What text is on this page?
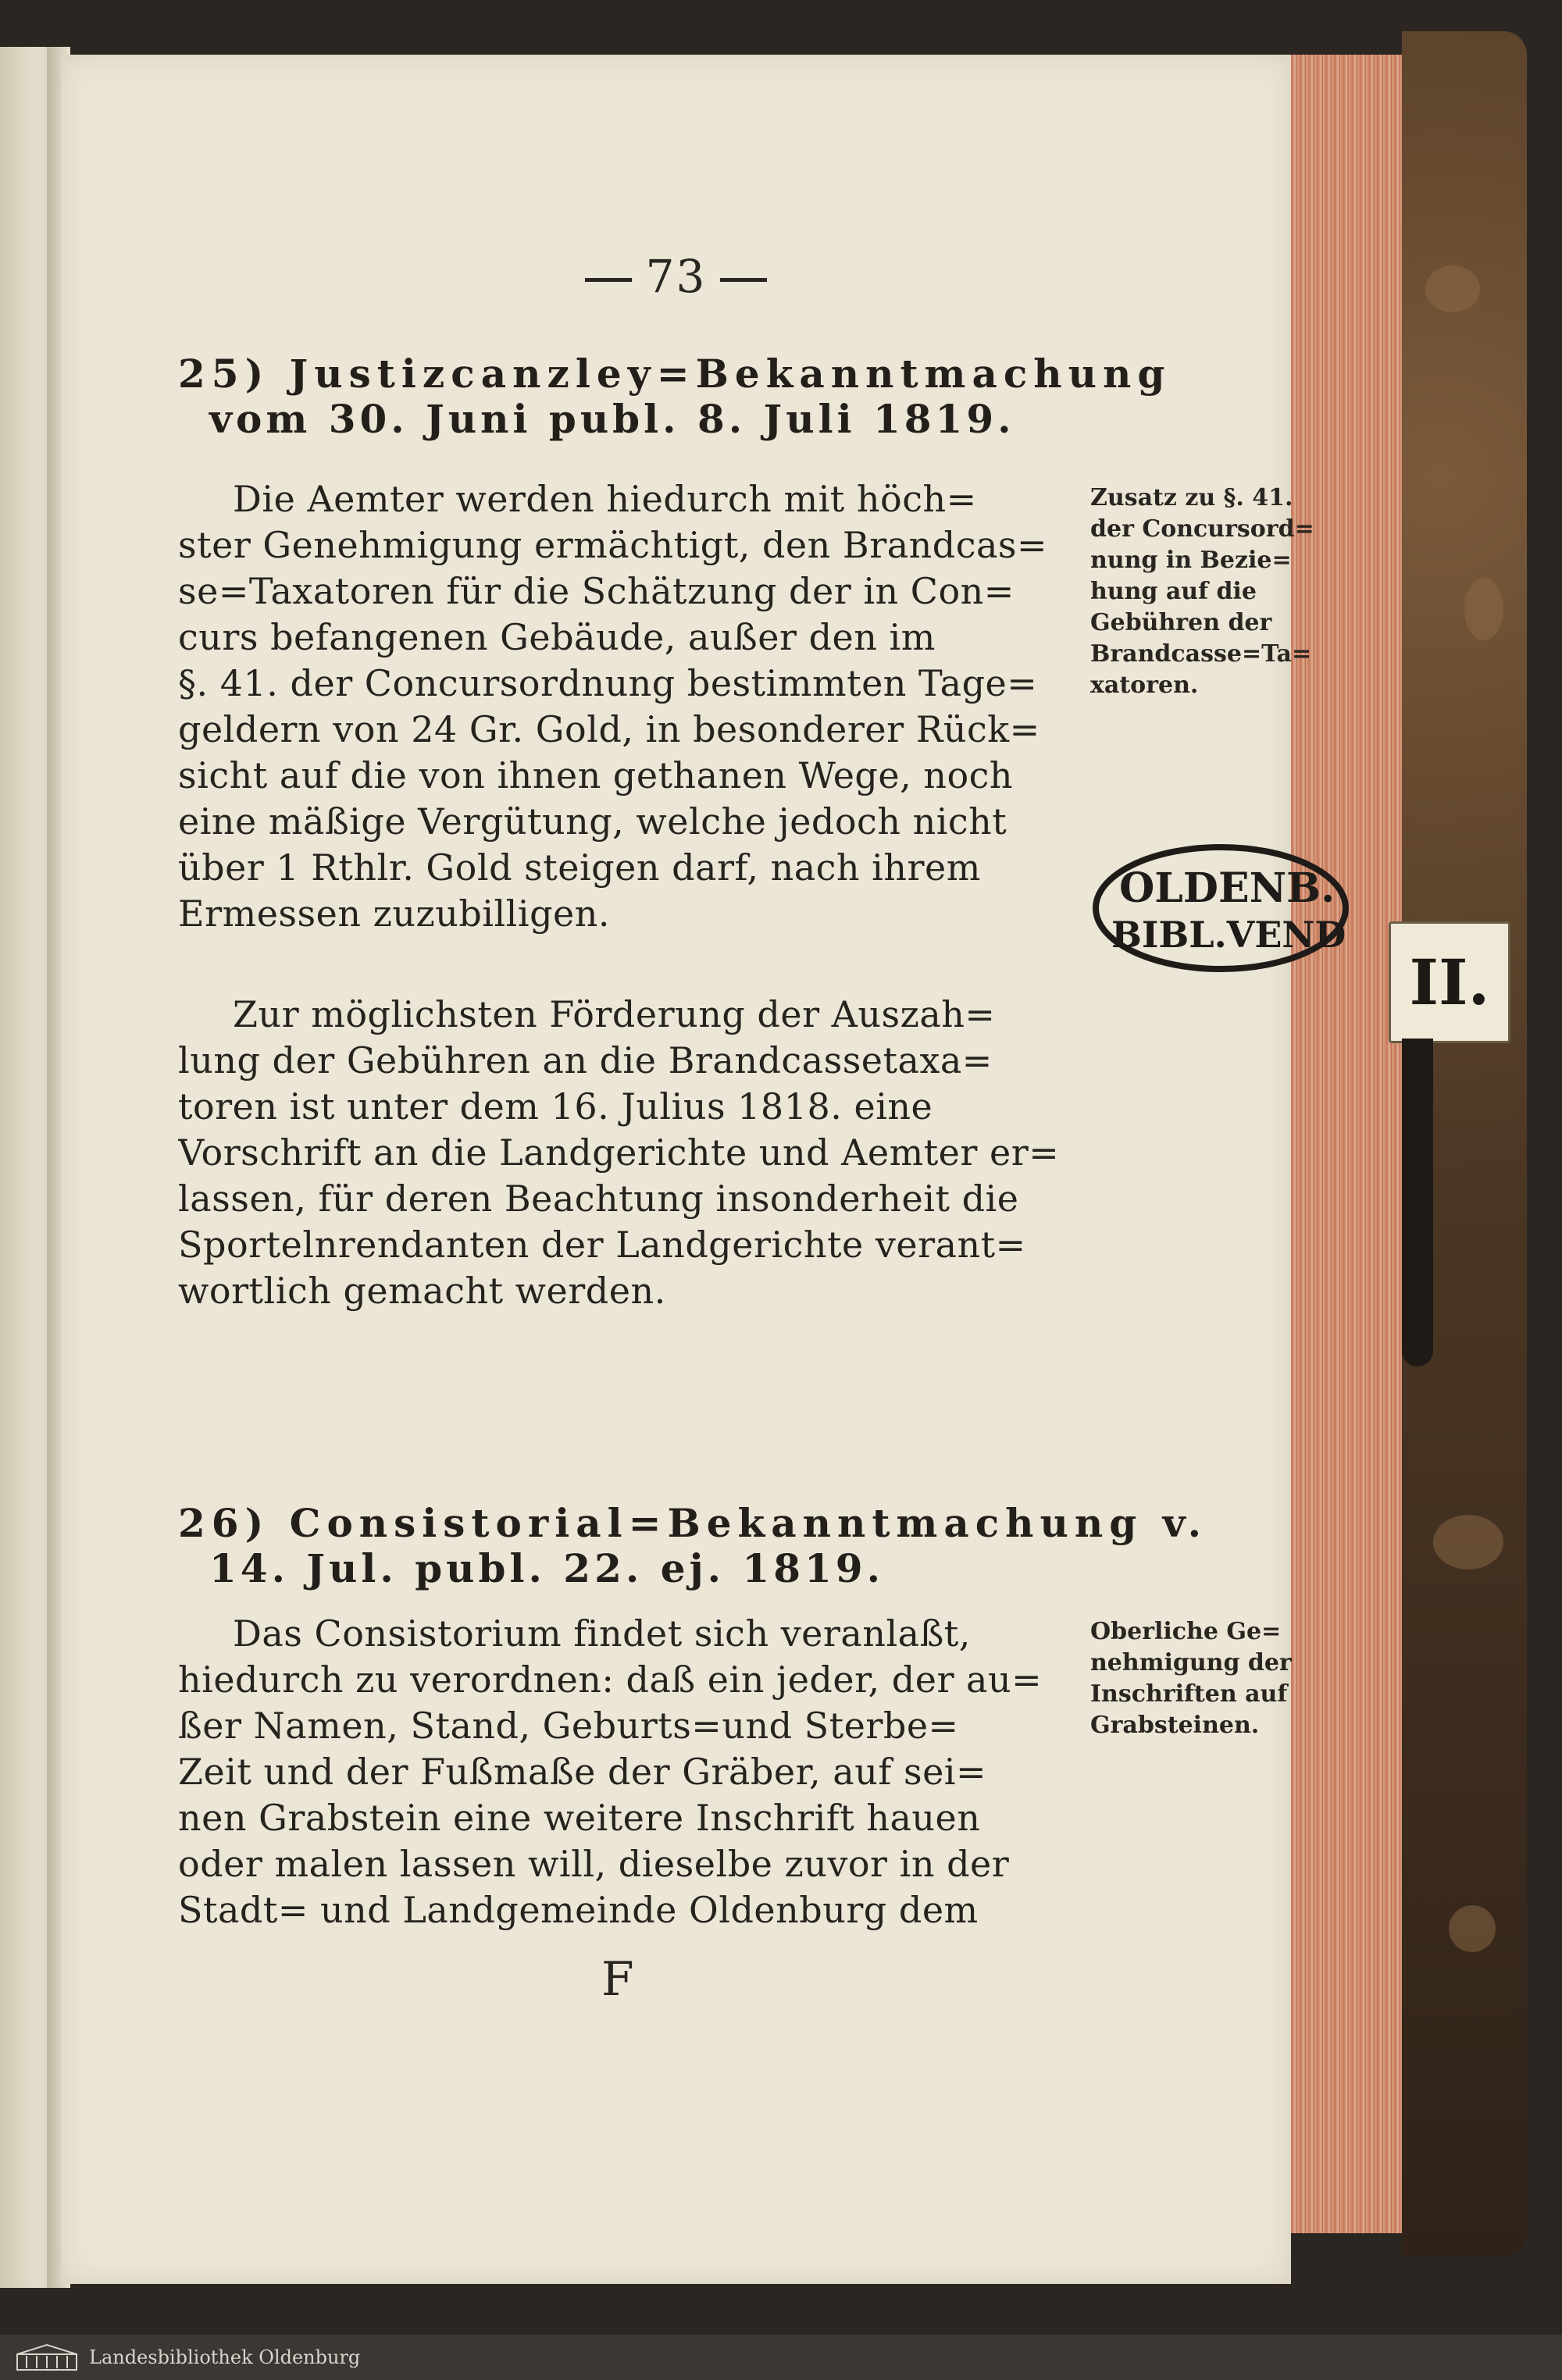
73
25) Justizcanzley=Bekanntmachung
vom 30. Juni publ. 8. Juli 1819.
Die Aemter werden hiedurch mit höch=
ster Genehmigung ermächtigt, den Brandcas=
se=Taxatoren für die Schätzung der in Con=
curs befangenen Gebäude, außer den im
§. 41. der Concursordnung bestimmten Tage=
geldern von 24 Gr. Gold, in besonderer Rück=
sicht auf die von ihnen gethanen Wege, noch
eine mäßige Vergütung, welche jedoch nicht
über 1 Rthlr. Gold steigen darf, nach ihrem
Ermessen zuzubilligen.
Zur möglichsten Förderung der Auszah=
lung der Gebühren an die Brandcassetaxa=
toren ist unter dem 16. Julius 1818. eine
Vorschrift an die Landgerichte und Aemter er=
lassen, für deren Beachtung insonderheit die
Sportelnrendanten der Landgerichte verant=
wortlich gemacht werden.
Zusatz zu §. 41.
der Concursord=
nung in Bezie=
hung auf die
Gebühren der
Brandcasse=Ta=
xatoren.
OLDENB.
BIBL.VEND
26) Consistorial=Bekanntmachung v.
14. Jul. publ. 22. ej. 1819.
Das Consistorium findet sich veranlaßt,
hiedurch zu verordnen: daß ein jeder, der au=
ßer Namen, Stand, Geburts=und Sterbe=
Zeit und der Fußmaße der Gräber, auf sei=
nen Grabstein eine weitere Inschrift hauen
oder malen lassen will, dieselbe zuvor in der
Stadt= und Landgemeinde Oldenburg dem
Oberliche Ge=
nehmigung der
Inschriften auf
Grabsteinen.
F
II.
Landesbibliothek Oldenburg
